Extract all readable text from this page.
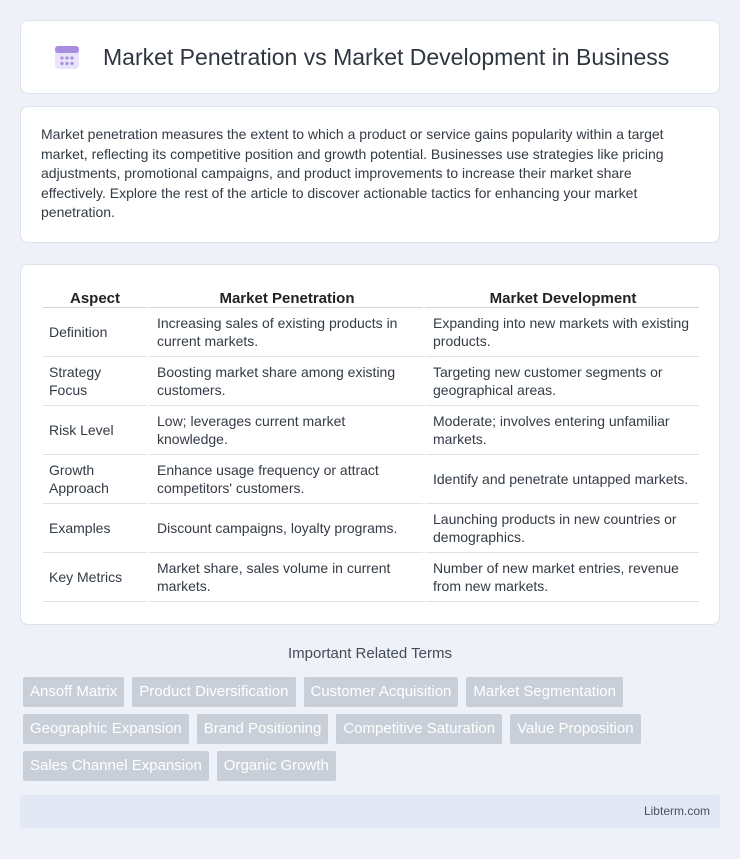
Market Penetration vs Market Development in Business

Market penetration measures the extent to which a product or service gains popularity within a target market, reflecting its competitive position and growth potential. Businesses use strategies like pricing adjustments, promotional campaigns, and product improvements to increase their market share effectively. Explore the rest of the article to discover actionable tactics for enhancing your market penetration.

Aspect	Market Penetration	Market Development
Definition	Increasing sales of existing products in current markets.	Expanding into new markets with existing products.
Strategy Focus	Boosting market share among existing customers.	Targeting new customer segments or geographical areas.
Risk Level	Low; leverages current market knowledge.	Moderate; involves entering unfamiliar markets.
Growth Approach	Enhance usage frequency or attract competitors' customers.	Identify and penetrate untapped markets.
Examples	Discount campaigns, loyalty programs.	Launching products in new countries or demographics.
Key Metrics	Market share, sales volume in current markets.	Number of new market entries, revenue from new markets.
Important Related Terms
Ansoff Matrix	Product Diversification	Customer Acquisition	Market Segmentation
Geographic Expansion	Brand Positioning	Competitive Saturation	Value Proposition
Sales Channel Expansion	Organic Growth
Libterm.com
